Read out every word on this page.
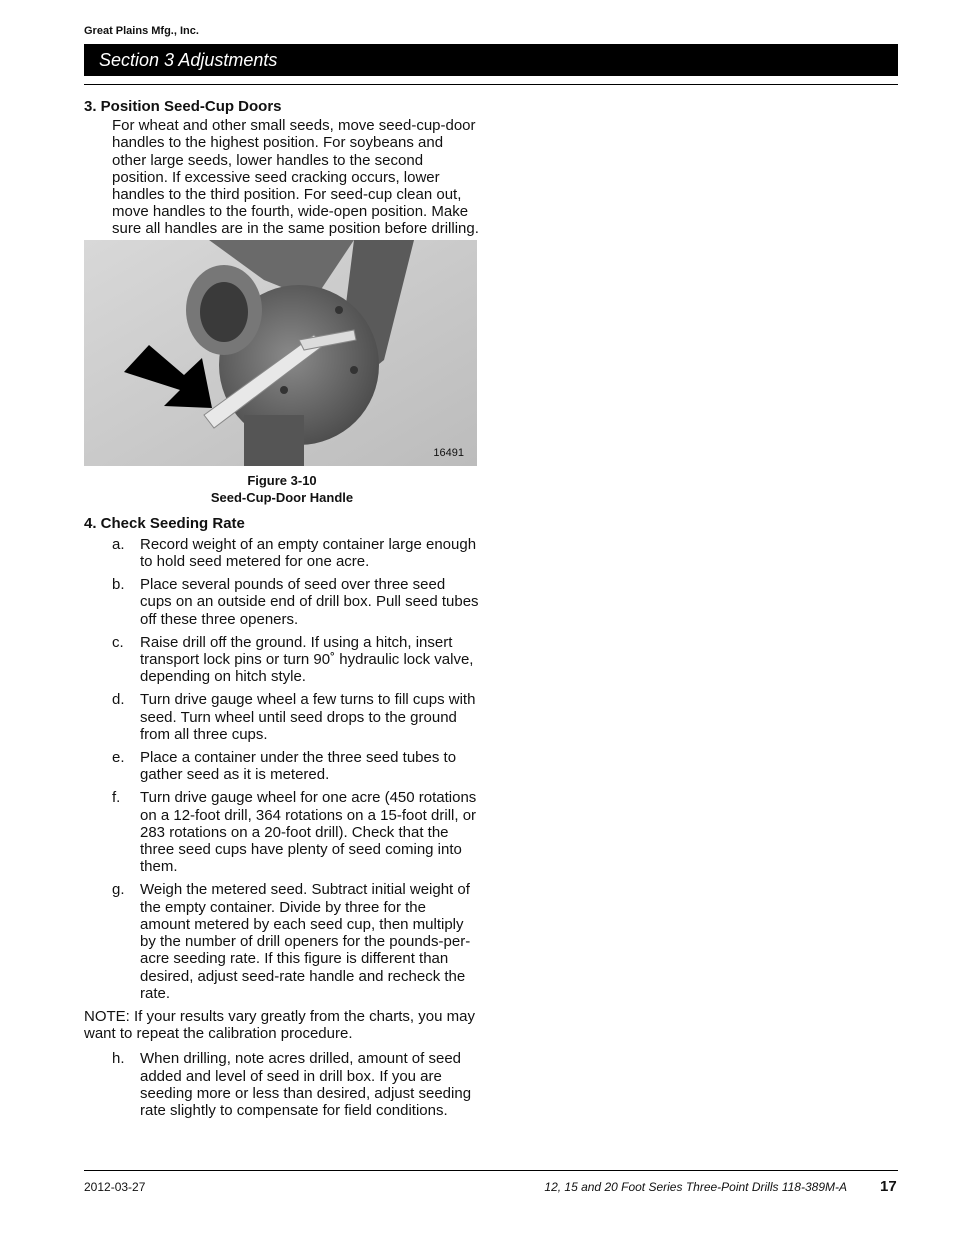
Great Plains Mfg., Inc.
Section 3 Adjustments
3. Position Seed-Cup Doors

For wheat and other small seeds, move seed-cup-door handles to the highest position. For soybeans and other large seeds, lower handles to the second position. If excessive seed cracking occurs, lower handles to the third position. For seed-cup clean out, move handles to the fourth, wide-open position. Make sure all handles are in the same position before drilling.

16491
Figure 3-10
Seed-Cup-Door Handle
4. Check Seeding Rate
a. Record weight of an empty container large enough to hold seed metered for one acre.
b. Place several pounds of seed over three seed cups on an outside end of drill box. Pull seed tubes off these three openers.
c. Raise drill off the ground. If using a hitch, insert transport lock pins or turn 90˚ hydraulic lock valve, depending on hitch style.
d. Turn drive gauge wheel a few turns to fill cups with seed. Turn wheel until seed drops to the ground from all three cups.
e. Place a container under the three seed tubes to gather seed as it is metered.
f. Turn drive gauge wheel for one acre (450 rotations on a 12-foot drill, 364 rotations on a 15-foot drill, or 283 rotations on a 20-foot drill). Check that the three seed cups have plenty of seed coming into them.
g. Weigh the metered seed. Subtract initial weight of the empty container. Divide by three for the amount metered by each seed cup, then multiply by the number of drill openers for the pounds-per-acre seeding rate. If this figure is different than desired, adjust seed-rate handle and recheck the rate.

NOTE: If your results vary greatly from the charts, you may want to repeat the calibration procedure.

h. When drilling, note acres drilled, amount of seed added and level of seed in drill box. If you are seeding more or less than desired, adjust seeding rate slightly to compensate for field conditions.
2012-03-27	12, 15 and 20 Foot Series Three-Point Drills 118-389M-A 17
